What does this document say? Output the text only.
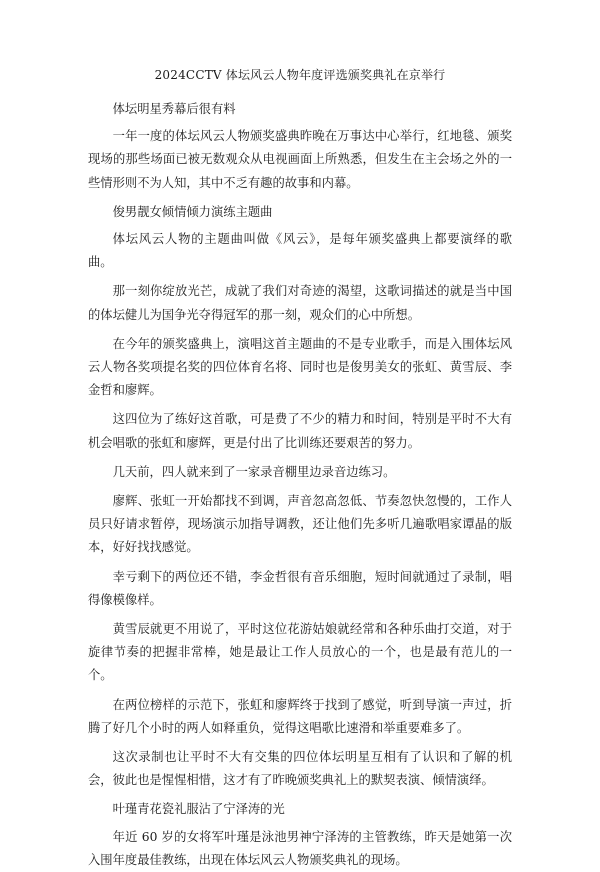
2024CCTV 体坛风云人物年度评选颁奖典礼在京举行

体坛明星秀幕后很有料

一年一度的体坛风云人物颁奖盛典昨晚在万事达中心举行，红地毯、颁奖现场的那些场面已被无数观众从电视画面上所熟悉，但发生在主会场之外的一些情形则不为人知，其中不乏有趣的故事和内幕。

俊男靓女倾情倾力演练主题曲

体坛风云人物的主题曲叫做《风云》，是每年颁奖盛典上都要演绎的歌曲。

那一刻你绽放光芒，成就了我们对奇迹的渴望，这歌词描述的就是当中国的体坛健儿为国争光夺得冠军的那一刻，观众们的心中所想。

在今年的颁奖盛典上，演唱这首主题曲的不是专业歌手，而是入围体坛风云人物各奖项提名奖的四位体育名将、同时也是俊男美女的张虹、黄雪辰、李金哲和廖辉。

这四位为了练好这首歌，可是费了不少的精力和时间，特别是平时不大有机会唱歌的张虹和廖辉，更是付出了比训练还要艰苦的努力。

几天前，四人就来到了一家录音棚里边录音边练习。

廖辉、张虹一开始都找不到调，声音忽高忽低、节奏忽快忽慢的，工作人员只好请求暂停，现场演示加指导调教，还让他们先多听几遍歌唱家谭晶的版本，好好找找感觉。

幸亏剩下的两位还不错，李金哲很有音乐细胞，短时间就通过了录制，唱得像模像样。

黄雪辰就更不用说了，平时这位花游姑娘就经常和各种乐曲打交道，对于旋律节奏的把握非常棒，她是最让工作人员放心的一个，也是最有范儿的一个。

在两位榜样的示范下，张虹和廖辉终于找到了感觉，听到导演一声过，折腾了好几个小时的两人如释重负，觉得这唱歌比速滑和举重要难多了。

这次录制也让平时不大有交集的四位体坛明星互相有了认识和了解的机会，彼此也是惺惺相惜，这才有了昨晚颁奖典礼上的默契表演、倾情演绎。

叶瑾青花瓷礼服沾了宁泽涛的光

年近 60 岁的女将军叶瑾是泳池男神宁泽涛的主管教练，昨天是她第一次入围年度最佳教练，出现在体坛风云人物颁奖典礼的现场。
